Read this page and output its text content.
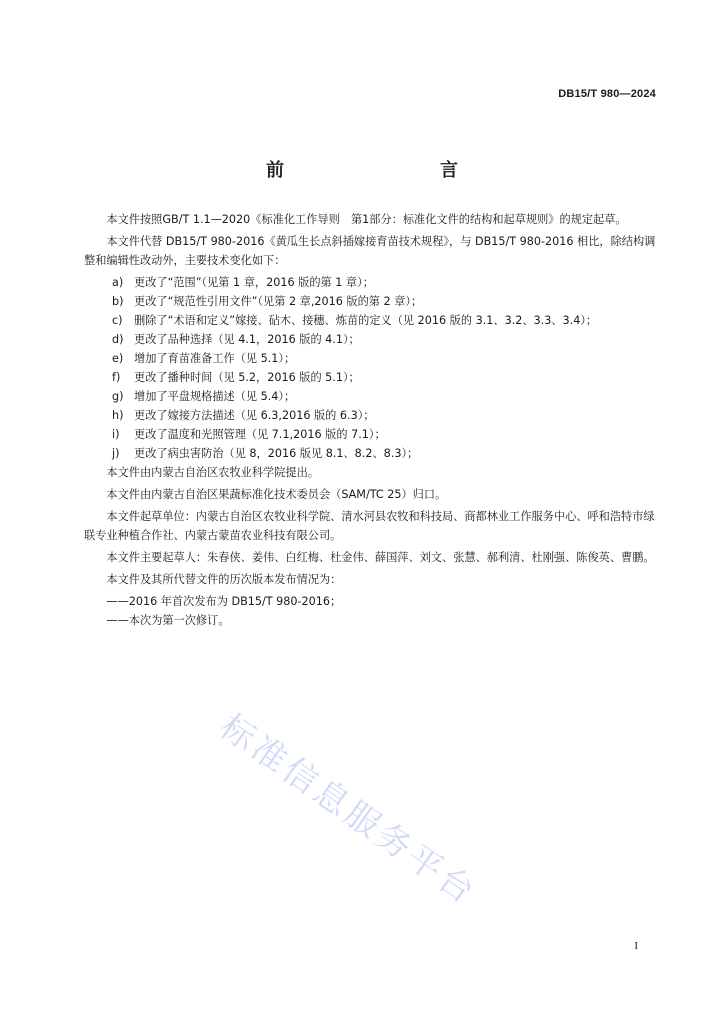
DB15/T 980—2024
前　　言

本文件按照GB/T 1.1—2020《标准化工作导则　第1部分：标准化文件的结构和起草规则》的规定起草。

本文件代替 DB15/T 980-2016《黄瓜生长点斜插嫁接育苗技术规程》，与 DB15/T 980-2016 相比，除结构调整和编辑性改动外，主要技术变化如下：

a) 更改了“范围”（见第 1 章，2016 版的第 1 章）；
b) 更改了“规范性引用文件”（见第 2 章,2016 版的第 2 章）；
c)	删除了“术语和定义”嫁接、砧木、接穗、炼苗的定义（见 2016 版的 3.1、3.2、3.3、3.4）；
d) 更改了品种选择（见 4.1，2016 版的 4.1）；
e) 增加了育苗准备工作（见 5.1）；
f)	更改了播种时间（见 5.2，2016 版的 5.1）；
g) 增加了平盘规格描述（见 5.4）；
h) 更改了嫁接方法描述（见 6.3,2016 版的 6.3）；
i)	更改了温度和光照管理（见 7.1,2016 版的 7.1）；
j)	更改了病虫害防治（见 8，2016 版见 8.1、8.2、8.3）；

本文件由内蒙古自治区农牧业科学院提出。

本文件由内蒙古自治区果蔬标准化技术委员会（SAM/TC 25）归口。

本文件起草单位：内蒙古自治区农牧业科学院、清水河县农牧和科技局、商都林业工作服务中心、呼和浩特市绿联专业种植合作社、内蒙古蒙苗农业科技有限公司。

本文件主要起草人：朱春侠、姜伟、白红梅、杜金伟、薛国萍、刘文、张慧、郝利清、杜刚强、陈俊英、曹鹏。

本文件及其所代替文件的历次版本发布情况为：

——2016 年首次发布为 DB15/T 980-2016；

——本次为第一次修订。

标准信息服务平台
I
